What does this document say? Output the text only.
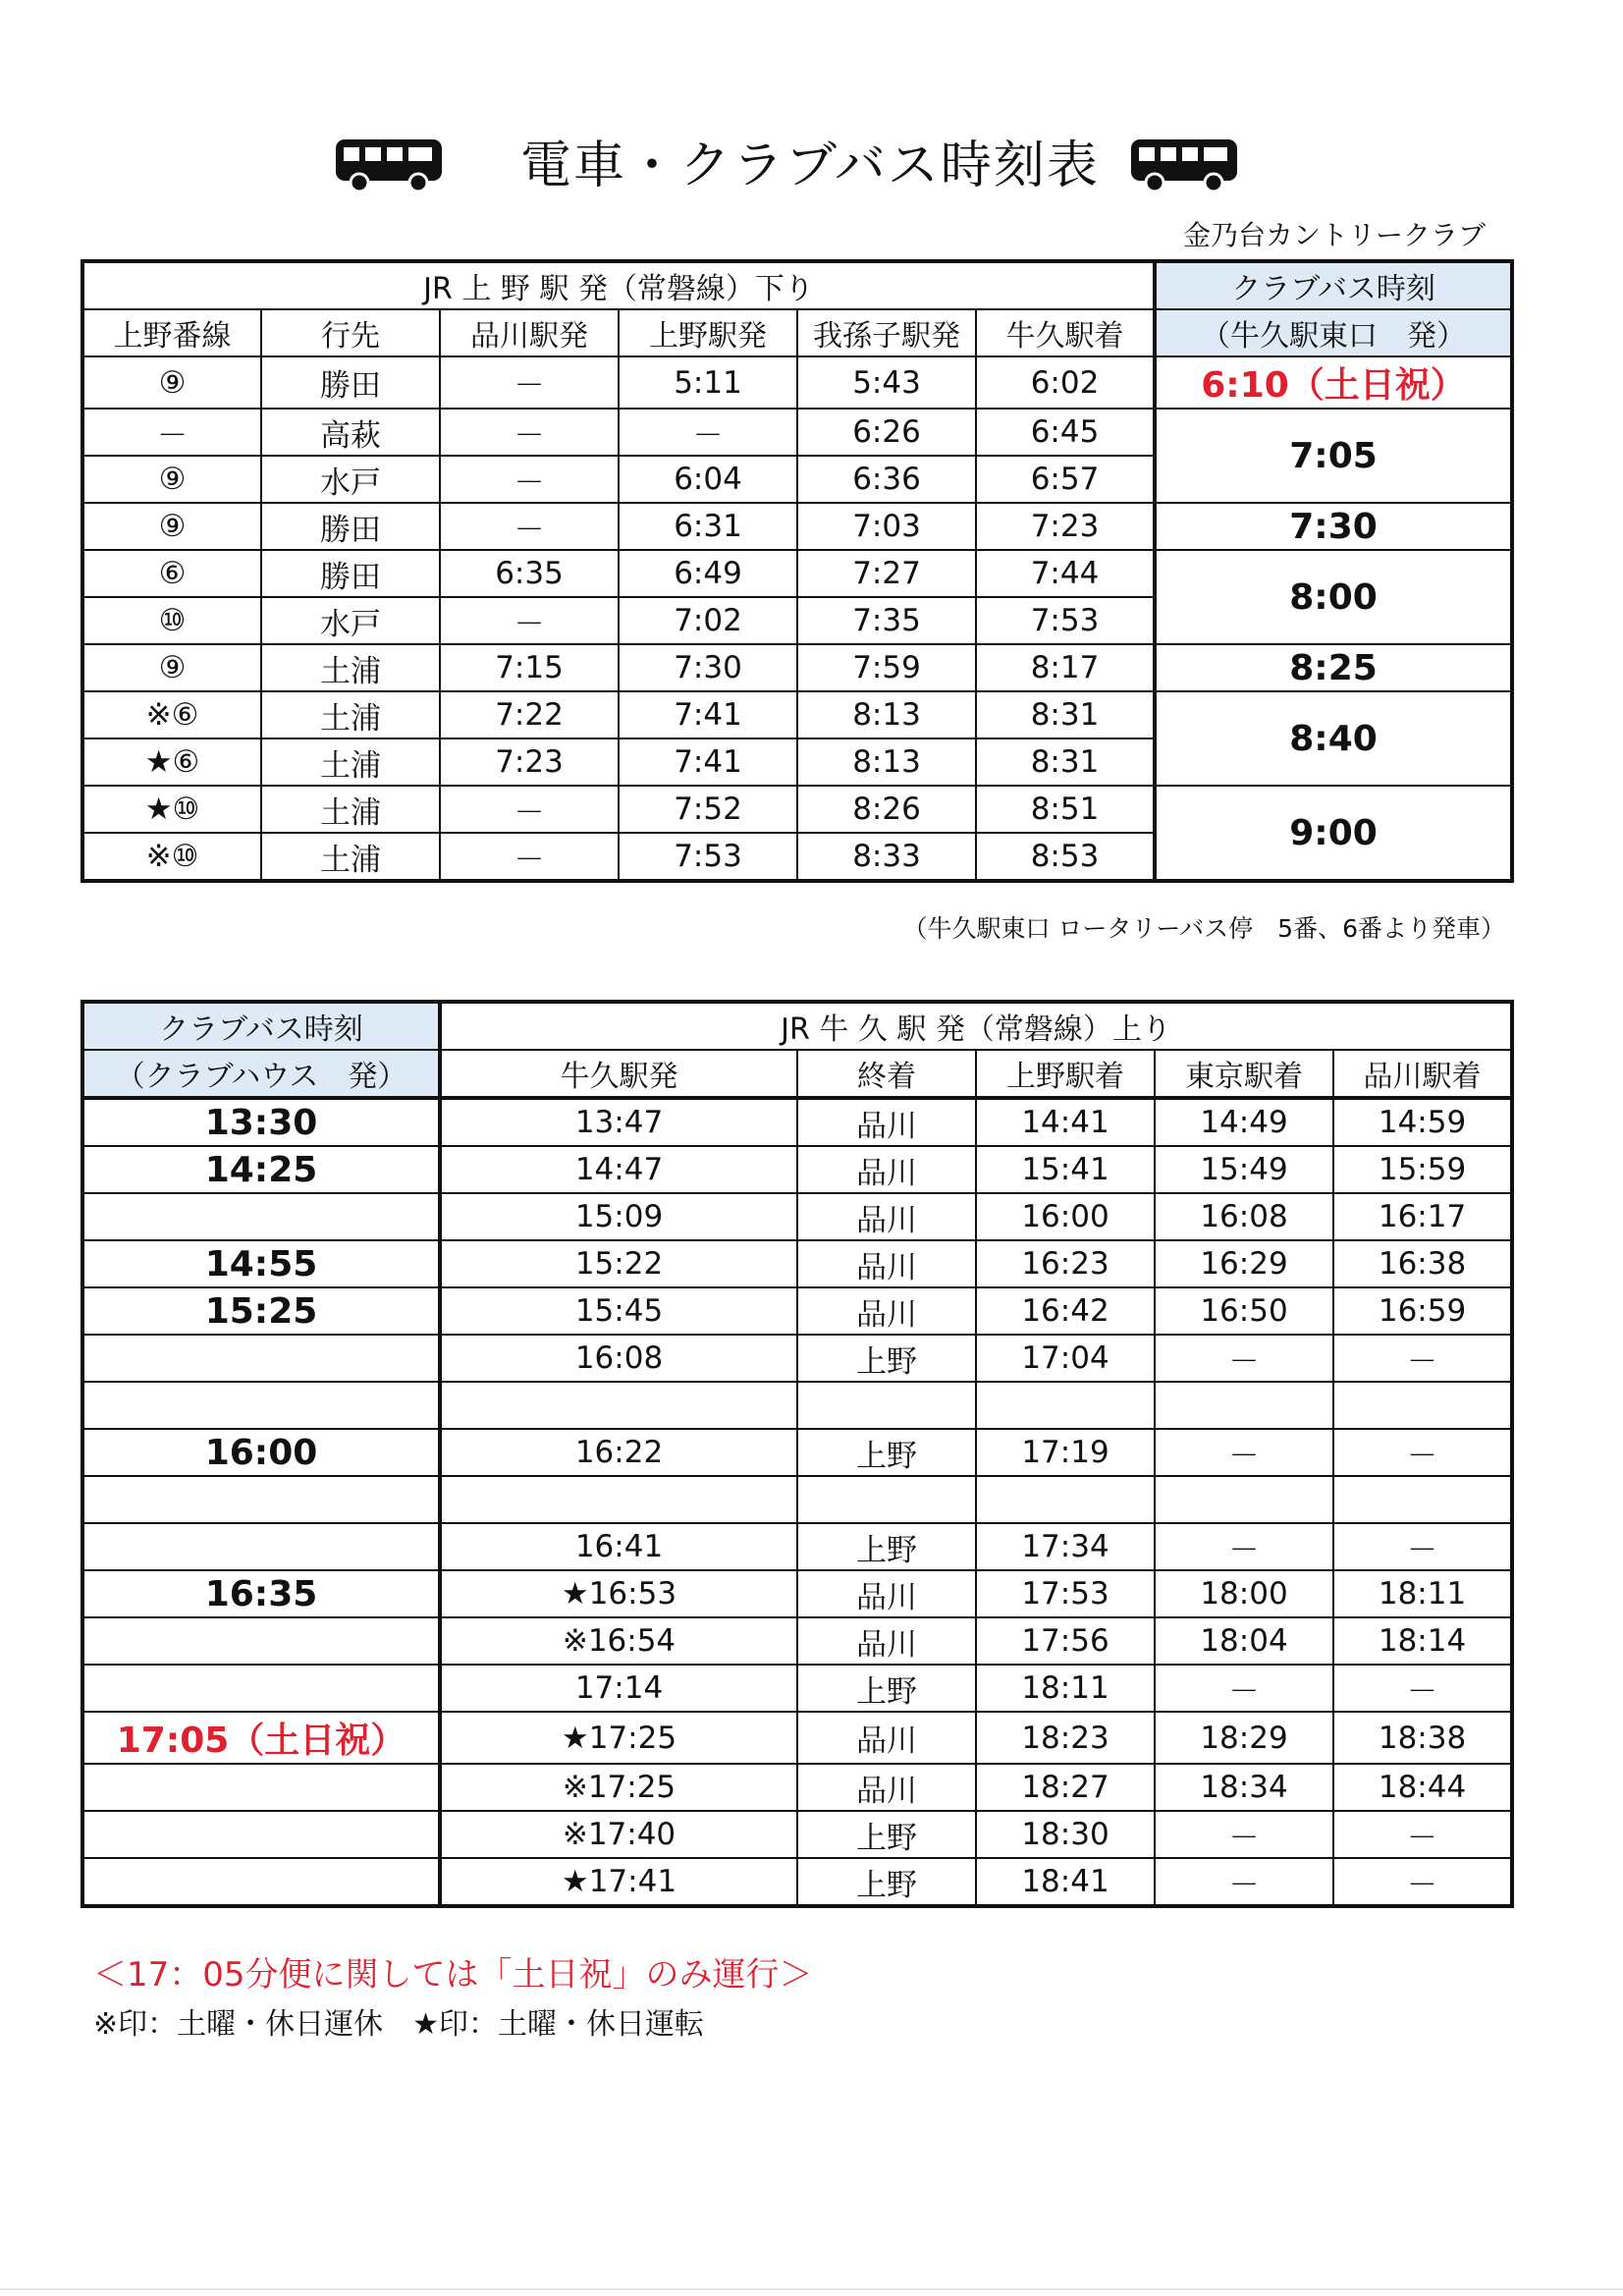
電車・クラブバス時刻表
金乃台カントリークラブ
JR 上 野 駅 発（常磐線）下り						クラブバス時刻
上野番線	行先	品川駅発	上野駅発	我孫子駅発	牛久駅着	（牛久駅東口　発）
⑨	勝田	－	5:11	5:43	6:02	6:10（土日祝）
－	高萩	－	－	6:26	6:45	7:05
⑨	水戸	－	6:04	6:36	6:57	
⑨	勝田	－	6:31	7:03	7:23	7:30
⑥	勝田	6:35	6:49	7:27	7:44	8:00
⑩	水戸	－	7:02	7:35	7:53	
⑨	土浦	7:15	7:30	7:59	8:17	8:25
※⑥	土浦	7:22	7:41	8:13	8:31	8:40
★⑥	土浦	7:23	7:41	8:13	8:31	
★⑩	土浦	－	7:52	8:26	8:51	9:00
※⑩	土浦	－	7:53	8:33	8:53	
（牛久駅東口 ロータリーバス停　5番、6番より発車）
クラブバス時刻	JR 牛 久 駅 発（常磐線）上り				
（クラブハウス　発）	牛久駅発	終着	上野駅着	東京駅着	品川駅着
13:30	13:47	品川	14:41	14:49	14:59
14:25	14:47	品川	15:41	15:49	15:59
	15:09	品川	16:00	16:08	16:17
14:55	15:22	品川	16:23	16:29	16:38
15:25	15:45	品川	16:42	16:50	16:59
	16:08	上野	17:04	－	－

16:00	16:22	上野	17:19	－	－

	16:41	上野	17:34	－	－
16:35	★16:53	品川	17:53	18:00	18:11
	※16:54	品川	17:56	18:04	18:14
	17:14	上野	18:11	－	－
17:05（土日祝）	★17:25	品川	18:23	18:29	18:38
	※17:25	品川	18:27	18:34	18:44
	※17:40	上野	18:30	－	－
	★17:41	上野	18:41	－	－
＜17：05分便に関しては「土日祝」のみ運行＞
※印：土曜・休日運休　★印：土曜・休日運転
